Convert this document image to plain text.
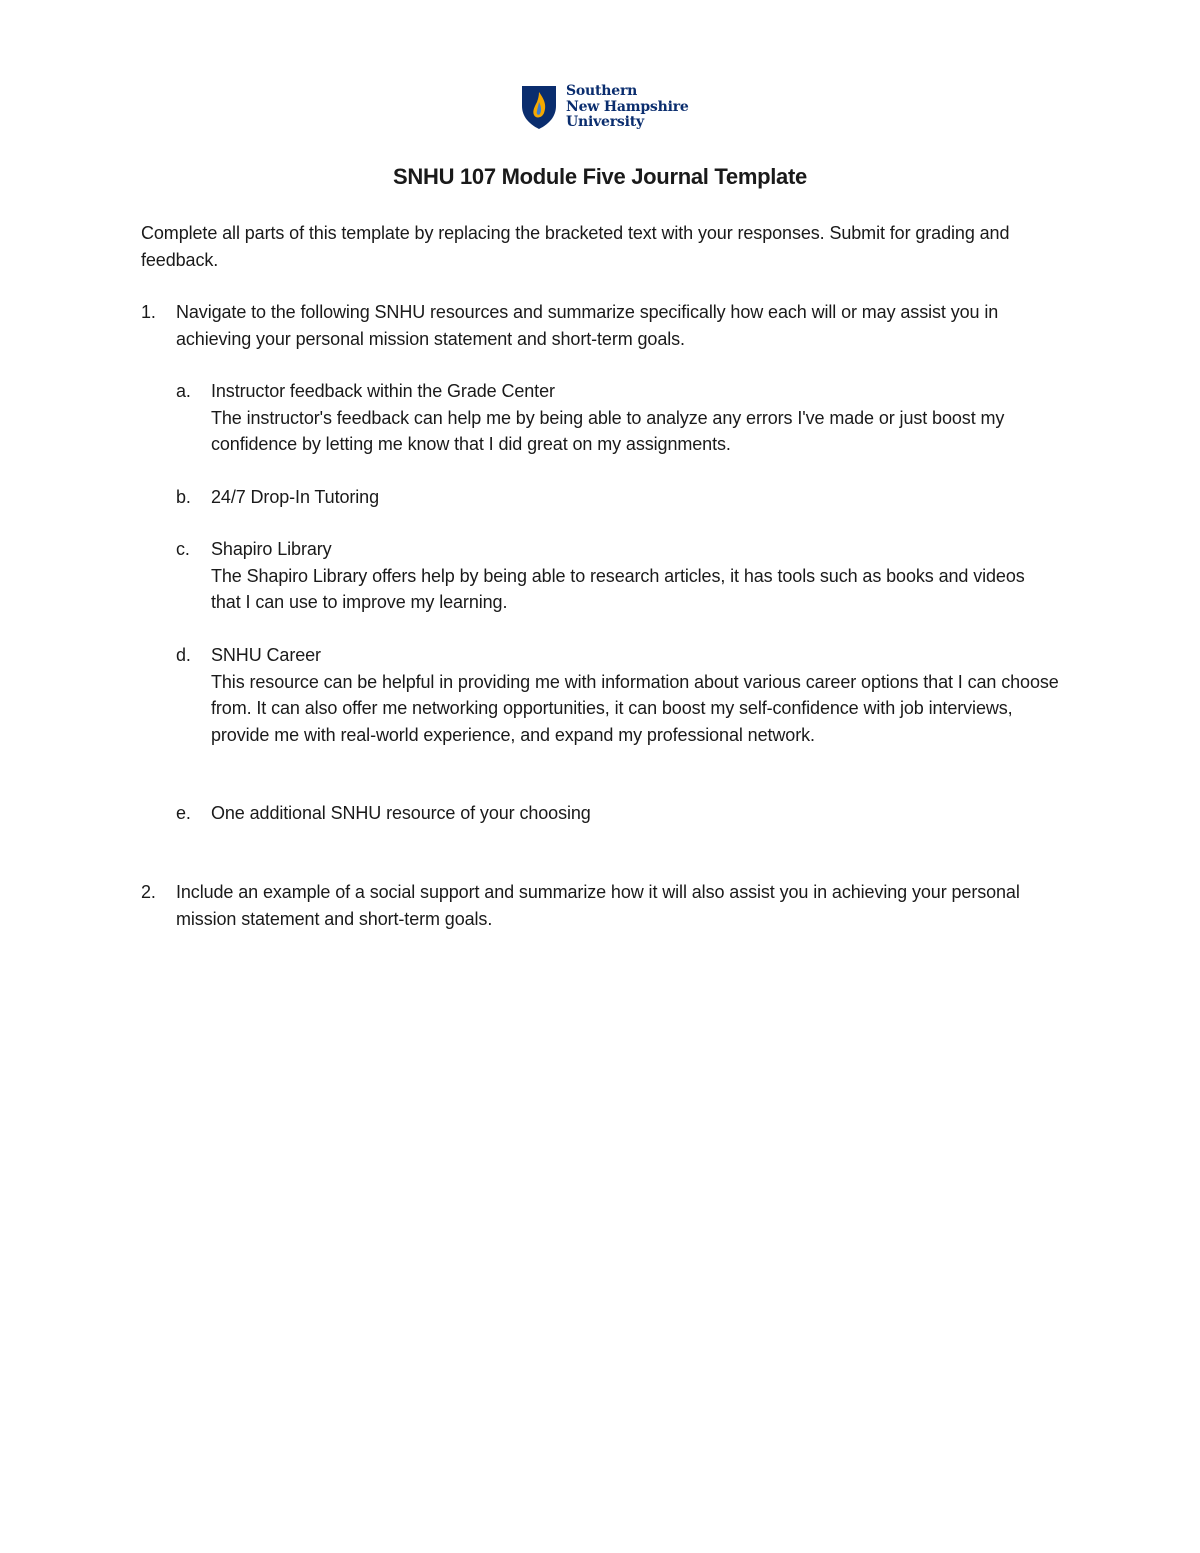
Southern
New Hampshire
University
SNHU 107 Module Five Journal Template
Complete all parts of this template by replacing the bracketed text with your responses. Submit for grading and feedback.
1. Navigate to the following SNHU resources and summarize specifically how each will or may assist you in achieving your personal mission statement and short-term goals.
a. Instructor feedback within the Grade Center
The instructor's feedback can help me by being able to analyze any errors I've made or just boost my confidence by letting me know that I did great on my assignments.
b. 24/7 Drop-In Tutoring
c. Shapiro Library
The Shapiro Library offers help by being able to research articles, it has tools such as books and videos that I can use to improve my learning.
d. SNHU Career
This resource can be helpful in providing me with information about various career options that I can choose from. It can also offer me networking opportunities, it can boost my self-confidence with job interviews, provide me with real-world experience, and expand my professional network.
e. One additional SNHU resource of your choosing
2. Include an example of a social support and summarize how it will also assist you in achieving your personal mission statement and short-term goals.
